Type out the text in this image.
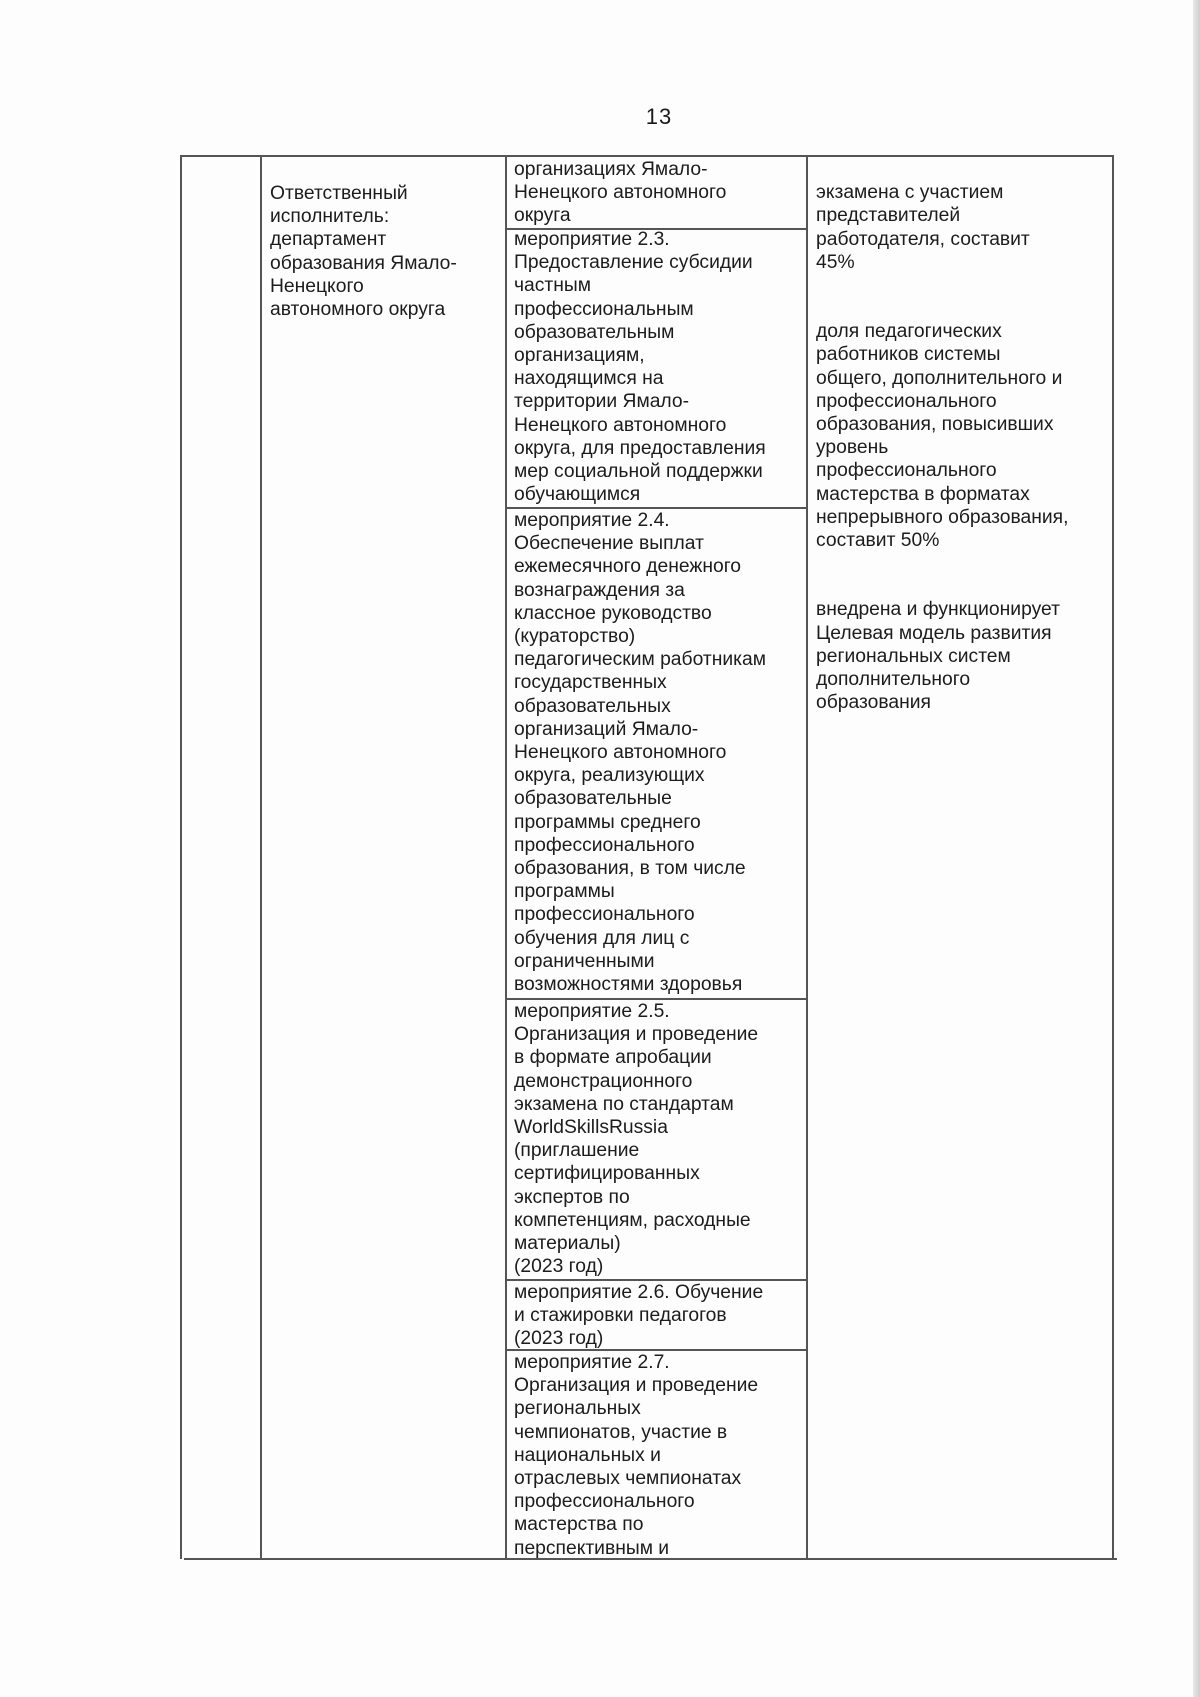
13
Ответственный
исполнитель:
департамент
образования Ямало-
Ненецкого
автономного округа
организациях Ямало-
Ненецкого автономного
округа
мероприятие 2.3.
Предоставление субсидии
частным
профессиональным
образовательным
организациям,
находящимся на
территории Ямало-
Ненецкого автономного
округа, для предоставления
мер социальной поддержки
обучающимся
мероприятие 2.4.
Обеспечение выплат
ежемесячного денежного
вознаграждения за
классное руководство
(кураторство)
педагогическим работникам
государственных
образовательных
организаций Ямало-
Ненецкого автономного
округа, реализующих
образовательные
программы среднего
профессионального
образования, в том числе
программы
профессионального
обучения для лиц с
ограниченными
возможностями здоровья
мероприятие 2.5.
Организация и проведение
в формате апробации
демонстрационного
экзамена по стандартам
WorldSkillsRussia
(приглашение
сертифицированных
экспертов по
компетенциям, расходные
материалы)
(2023 год)
мероприятие 2.6. Обучение
и стажировки педагогов
(2023 год)
мероприятие 2.7.
Организация и проведение
региональных
чемпионатов, участие в
национальных и
отраслевых чемпионатах
профессионального
мастерства по
перспективным и

экзамена с участием
представителей
работодателя, составит
45%

доля педагогических
работников системы
общего, дополнительного и
профессионального
образования, повысивших
уровень
профессионального
мастерства в форматах
непрерывного образования,
составит 50%

внедрена и функционирует
Целевая модель развития
региональных систем
дополнительного
образования
